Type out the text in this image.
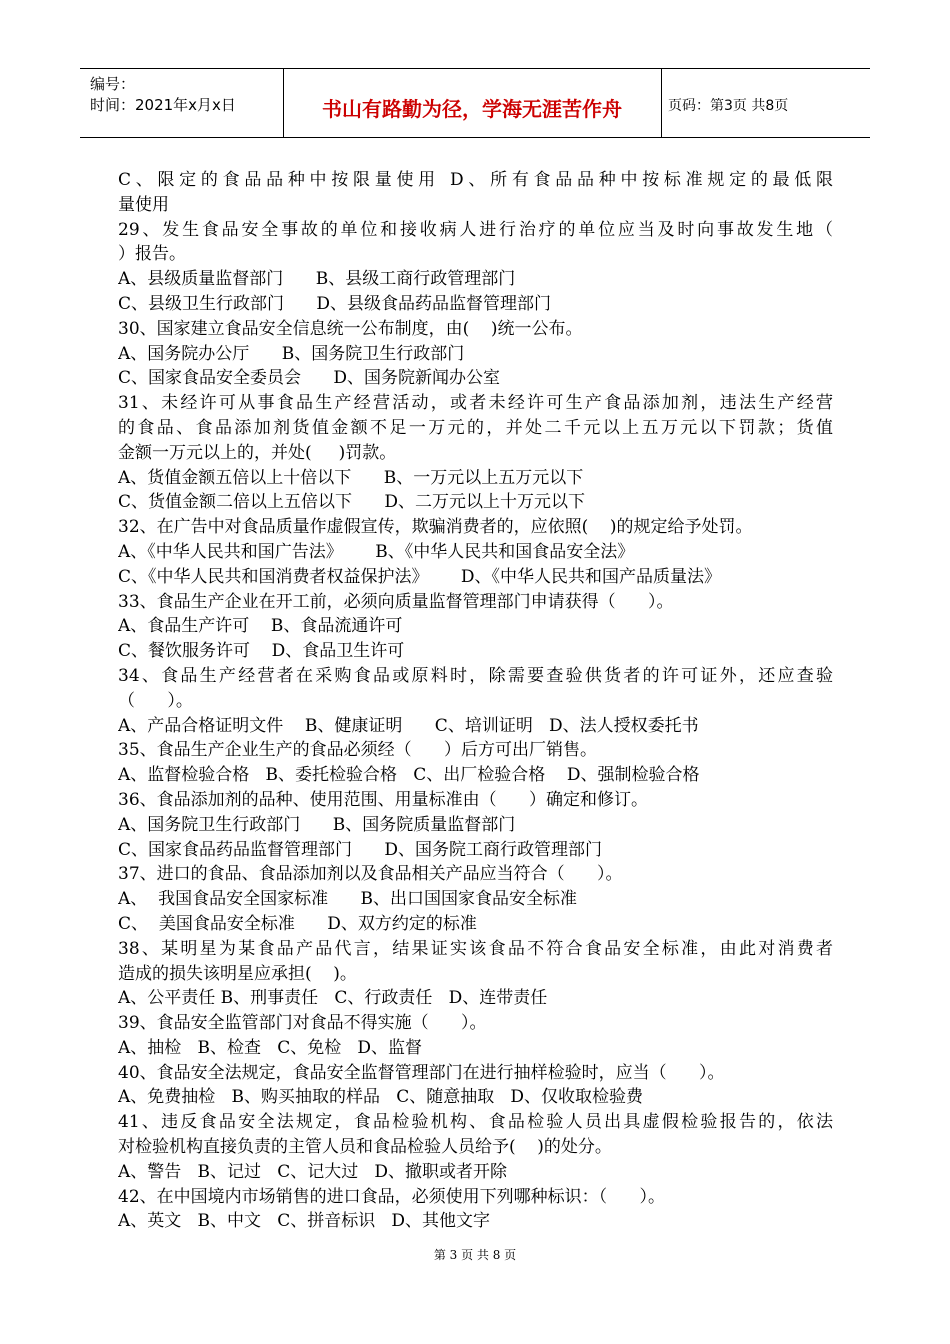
编号：
时间：2021年x月x日	书山有路勤为径，学海无涯苦作舟	页码：第3页 共8页
C、限定的食品品种中按限量使用 D、所有食品品种中按标准规定的最低限
量使用
29、发生食品安全事故的单位和接收病人进行治疗的单位应当及时向事故发生地（
）报告。
A、县级质量监督部门      B、县级工商行政管理部门
C、县级卫生行政部门      D、县级食品药品监督管理部门
30、国家建立食品安全信息统一公布制度，由(    )统一公布。
A、国务院办公厅      B、国务院卫生行政部门
C、国家食品安全委员会      D、国务院新闻办公室
31、未经许可从事食品生产经营活动，或者未经许可生产食品添加剂，违法生产经营
的食品、食品添加剂货值金额不足一万元的，并处二千元以上五万元以下罚款；货值
金额一万元以上的，并处(     )罚款。
A、货值金额五倍以上十倍以下      B、一万元以上五万元以下
C、货值金额二倍以上五倍以下      D、二万元以上十万元以下
32、在广告中对食品质量作虚假宣传，欺骗消费者的，应依照(    )的规定给予处罚。
A、《中华人民共和国广告法》      B、《中华人民共和国食品安全法》
C、《中华人民共和国消费者权益保护法》      D、《中华人民共和国产品质量法》
33、食品生产企业在开工前，必须向质量监督管理部门申请获得（      ）。
A、食品生产许可    B、食品流通许可
C、餐饮服务许可    D、食品卫生许可
34、食品生产经营者在采购食品或原料时，除需要查验供货者的许可证外，还应查验
（      ）。
A、产品合格证明文件    B、健康证明      C、培训证明   D、法人授权委托书
35、食品生产企业生产的食品必须经（      ）后方可出厂销售。
A、监督检验合格   B、委托检验合格   C、出厂检验合格    D、强制检验合格
36、食品添加剂的品种、使用范围、用量标准由（      ）确定和修订。
A、国务院卫生行政部门      B、国务院质量监督部门
C、国家食品药品监督管理部门      D、国务院工商行政管理部门
37、进口的食品、食品添加剂以及食品相关产品应当符合（      ）。
A、  我国食品安全国家标准      B、出口国国家食品安全标准
C、  美国食品安全标准      D、双方约定的标准
38、某明星为某食品产品代言，结果证实该食品不符合食品安全标准，由此对消费者
造成的损失该明星应承担(    )。
A、公平责任 B、刑事责任   C、行政责任   D、连带责任
39、食品安全监管部门对食品不得实施（      ）。
A、抽检   B、检查   C、免检   D、监督
40、食品安全法规定，食品安全监督管理部门在进行抽样检验时，应当（      ）。
A、免费抽检   B、购买抽取的样品   C、随意抽取   D、仅收取检验费
41、违反食品安全法规定，食品检验机构、食品检验人员出具虚假检验报告的，依法
对检验机构直接负责的主管人员和食品检验人员给予(    )的处分。
A、警告   B、记过   C、记大过   D、撤职或者开除
42、在中国境内市场销售的进口食品，必须使用下列哪种标识：（      ）。
A、英文   B、中文   C、拼音标识   D、其他文字
第 3 页 共 8 页
